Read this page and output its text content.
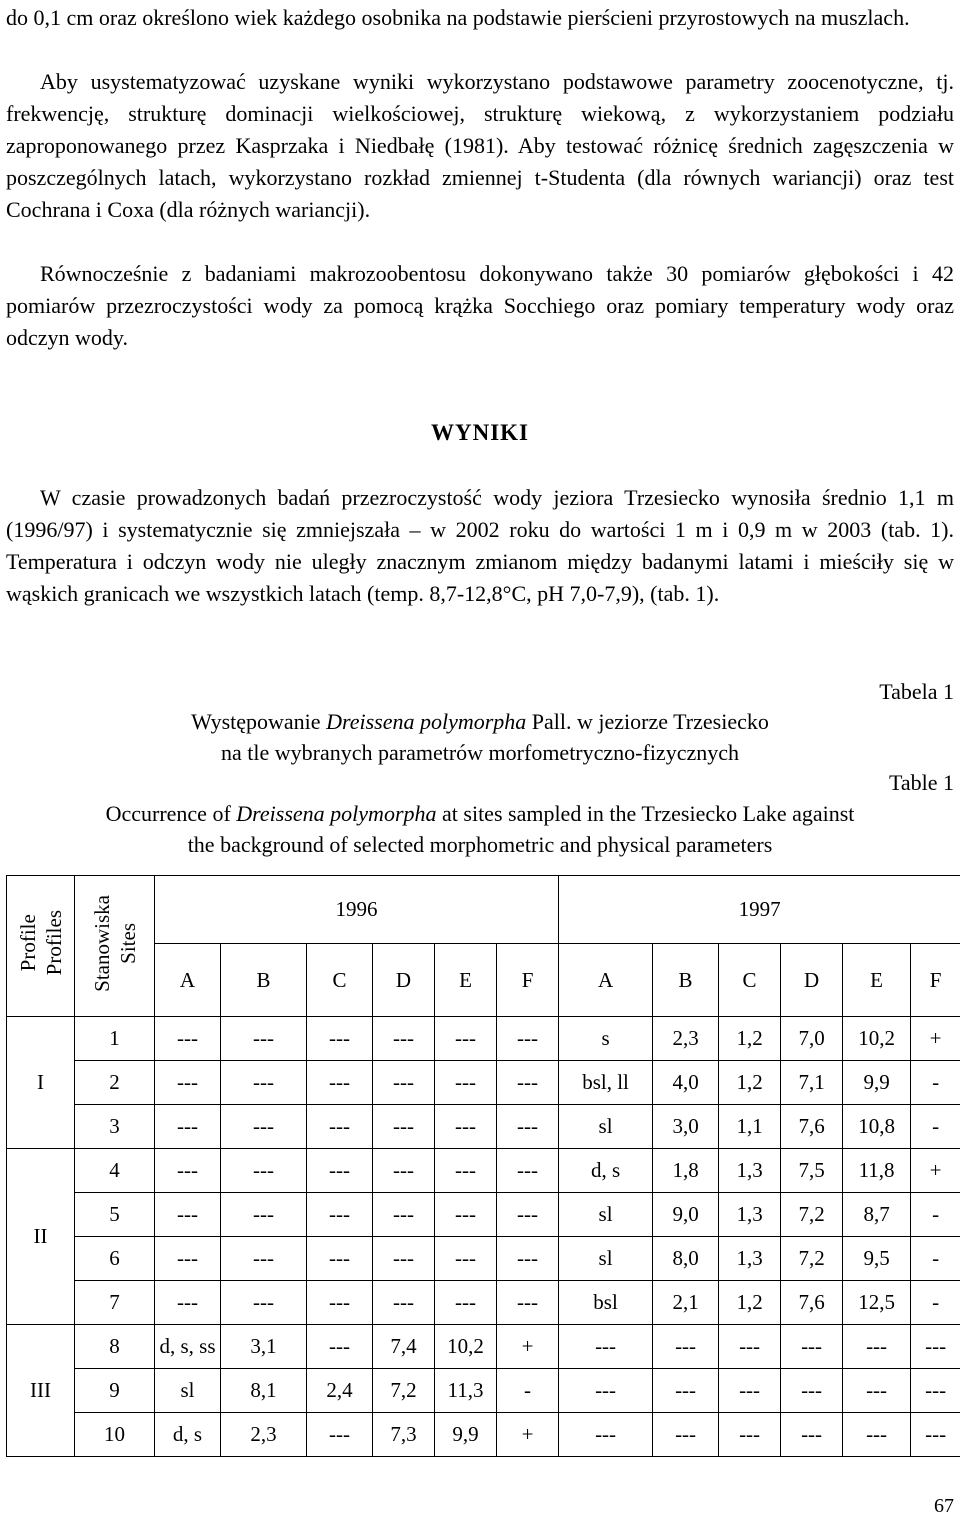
do 0,1 cm oraz określono wiek każdego osobnika na podstawie pierścieni przyrostowych na muszlach.

Aby usystematyzować uzyskane wyniki wykorzystano podstawowe parametry zoocenotyczne, tj. frekwencję, strukturę dominacji wielkościowej, strukturę wiekową, z wykorzystaniem podziału zaproponowanego przez Kasprzaka i Niedbałę (1981). Aby testować różnicę średnich zagęszczenia w poszczególnych latach, wykorzystano rozkład zmiennej t-Studenta (dla równych wariancji) oraz test Cochrana i Coxa (dla różnych wariancji).

Równocześnie z badaniami makrozoobentosu dokonywano także 30 pomiarów głębokości i 42 pomiarów przezroczystości wody za pomocą krążka Socchiego oraz pomiary temperatury wody oraz odczyn wody.

WYNIKI

W czasie prowadzonych badań przezroczystość wody jeziora Trzesiecko wynosiła średnio 1,1 m (1996/97) i systematycznie się zmniejszała – w 2002 roku do wartości 1 m i 0,9 m w 2003 (tab. 1). Temperatura i odczyn wody nie uległy znacznym zmianom między badanymi latami i mieściły się w wąskich granicach we wszystkich latach (temp. 8,7-12,8°C, pH 7,0-7,9), (tab. 1).

Tabela 1
Występowanie Dreissena polymorpha Pall. w jeziorze Trzesiecko
na tle wybranych parametrów morfometryczno-fizycznych
Table 1
Occurrence of Dreissena polymorpha at sites sampled in the Trzesiecko Lake against
the background of selected morphometric and physical parameters
Profile
Profiles	Stanowiska
Sites	1996						1997					
		A	B	C	D	E	F	A	B	C	D	E	F
I	1	---	---	---	---	---	---	s	2,3	1,2	7,0	10,2	+
	2	---	---	---	---	---	---	bsl, ll	4,0	1,2	7,1	9,9	-
	3	---	---	---	---	---	---	sl	3,0	1,1	7,6	10,8	-
II	4	---	---	---	---	---	---	d, s	1,8	1,3	7,5	11,8	+
	5	---	---	---	---	---	---	sl	9,0	1,3	7,2	8,7	-
	6	---	---	---	---	---	---	sl	8,0	1,3	7,2	9,5	-
	7	---	---	---	---	---	---	bsl	2,1	1,2	7,6	12,5	-
III	8	d, s, ss	3,1	---	7,4	10,2	+	---	---	---	---	---	---
	9	sl	8,1	2,4	7,2	11,3	-	---	---	---	---	---	---
	10	d, s	2,3	---	7,3	9,9	+	---	---	---	---	---	---
67
